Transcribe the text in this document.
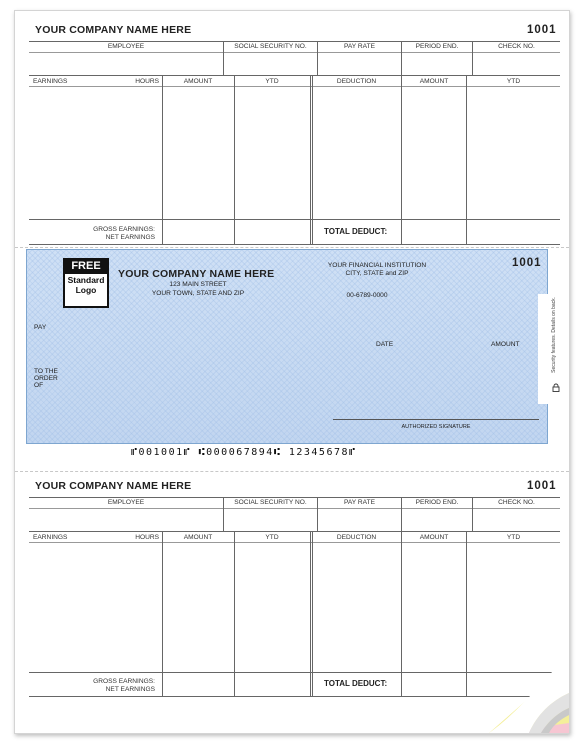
YOUR COMPANY NAME HERE	1001
EMPLOYEE	SOCIAL SECURITY NO.	PAY RATE	PERIOD END.	CHECK NO.
EARNINGS	HOURS	AMOUNT	YTD	DEDUCTION	AMOUNT	YTD
GROSS EARNINGS:
NET EARNINGS
TOTAL DEDUCT:
FREE
Standard
Logo
YOUR COMPANY NAME HERE
123 MAIN STREET
YOUR TOWN, STATE AND ZIP
YOUR FINANCIAL INSTITUTION
CITY, STATE and ZIP
00-6789-0000
1001
PAY
DATE	AMOUNT
TO THE
ORDER
OF
AUTHORIZED SIGNATURE
Security features. Details on back.
⑈001001⑈ ⑆000067894⑆ 12345678⑈
YOUR COMPANY NAME HERE	1001
EMPLOYEE	SOCIAL SECURITY NO.	PAY RATE	PERIOD END.	CHECK NO.
EARNINGS	HOURS	AMOUNT	YTD	DEDUCTION	AMOUNT	YTD
GROSS EARNINGS:
NET EARNINGS
TOTAL DEDUCT:
